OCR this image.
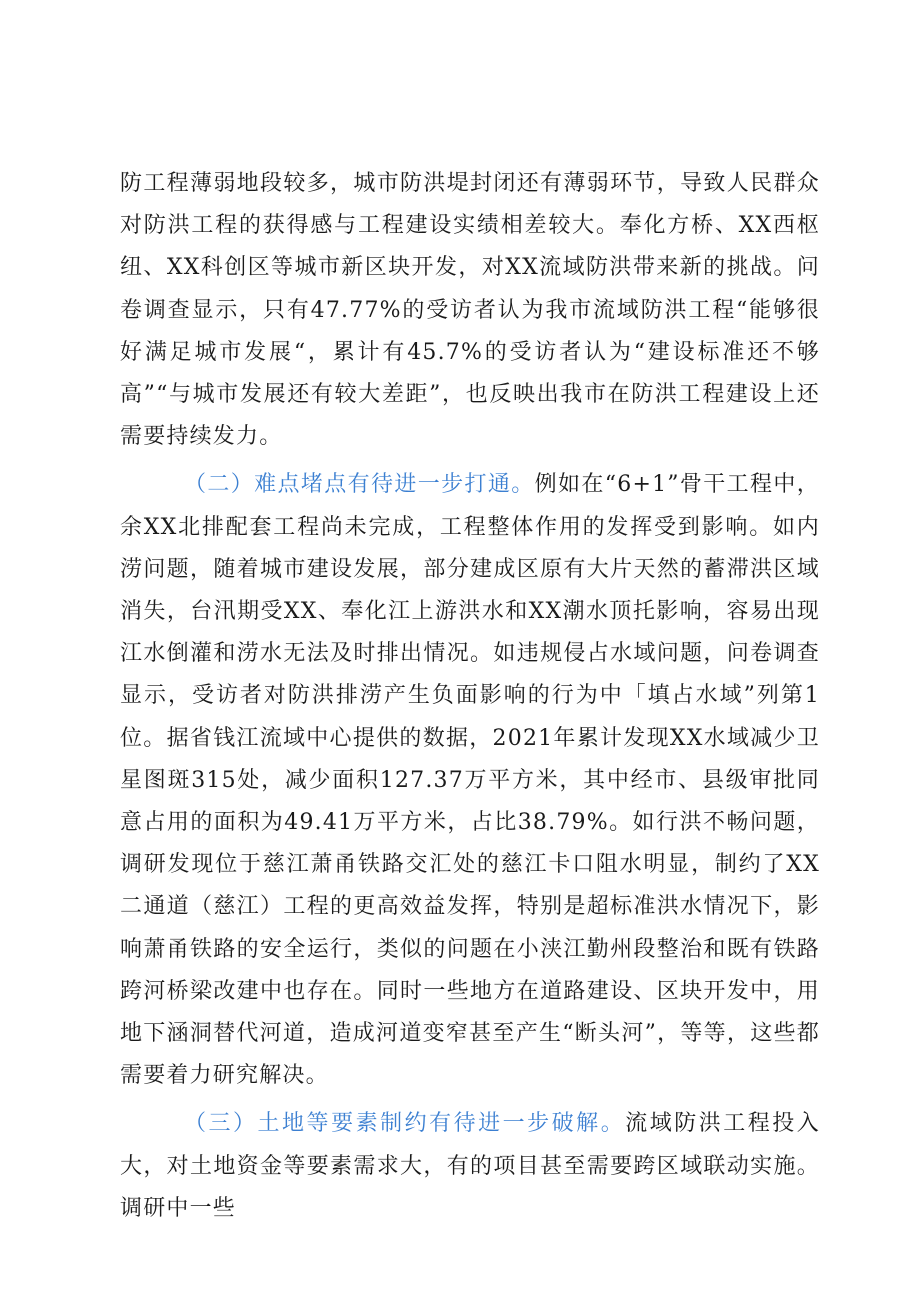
防工程薄弱地段较多，城市防洪堤封闭还有薄弱环节，导致人民群众对防洪工程的获得感与工程建设实绩相差较大。奉化方桥、XX西枢纽、XX科创区等城市新区块开发，对XX流域防洪带来新的挑战。问卷调查显示，只有47.77%的受访者认为我市流域防洪工程“能够很好满足城市发展“，累计有45.7%的受访者认为“建设标准还不够高”“与城市发展还有较大差距”，也反映出我市在防洪工程建设上还需要持续发力。

（二）难点堵点有待进一步打通。例如在“6+1”骨干工程中，余XX北排配套工程尚未完成，工程整体作用的发挥受到影响。如内涝问题，随着城市建设发展，部分建成区原有大片天然的蓄滞洪区域消失，台汛期受XX、奉化江上游洪水和XX潮水顶托影响，容易出现江水倒灌和涝水无法及时排出情况。如违规侵占水域问题，问卷调查显示，受访者对防洪排涝产生负面影响的行为中「填占水域”列第1位。据省钱江流域中心提供的数据，2021年累计发现XX水域减少卫星图斑315处，减少面积127.37万平方米，其中经市、县级审批同意占用的面积为49.41万平方米，占比38.79%。如行洪不畅问题，调研发现位于慈江萧甬铁路交汇处的慈江卡口阻水明显，制约了XX二通道（慈江）工程的更高效益发挥，特别是超标准洪水情况下，影响萧甬铁路的安全运行，类似的问题在小浃江勤州段整治和既有铁路跨河桥梁改建中也存在。同时一些地方在道路建设、区块开发中，用地下涵洞替代河道，造成河道变窄甚至产生“断头河”，等等，这些都需要着力研究解决。

（三）土地等要素制约有待进一步破解。流域防洪工程投入大，对土地资金等要素需求大，有的项目甚至需要跨区域联动实施。调研中一些
